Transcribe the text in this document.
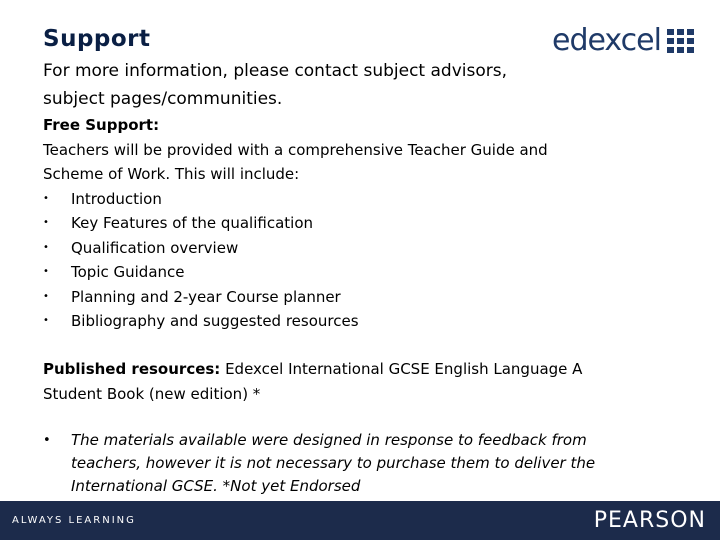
Support	edexcel
For more information, please contact subject advisors,
subject pages/communities.
Free Support:
Teachers will be provided with a comprehensive Teacher Guide and
Scheme of Work. This will include:
• Introduction
• Key Features of the qualification
• Qualification overview
• Topic Guidance
• Planning and 2-year Course planner
• Bibliography and suggested resources
Published resources: Edexcel International GCSE English Language A
Student Book (new edition) *
• The materials available were designed in response to feedback from
teachers, however it is not necessary to purchase them to deliver the
International GCSE. *Not yet Endorsed
ALWAYS LEARNING	PEARSON
